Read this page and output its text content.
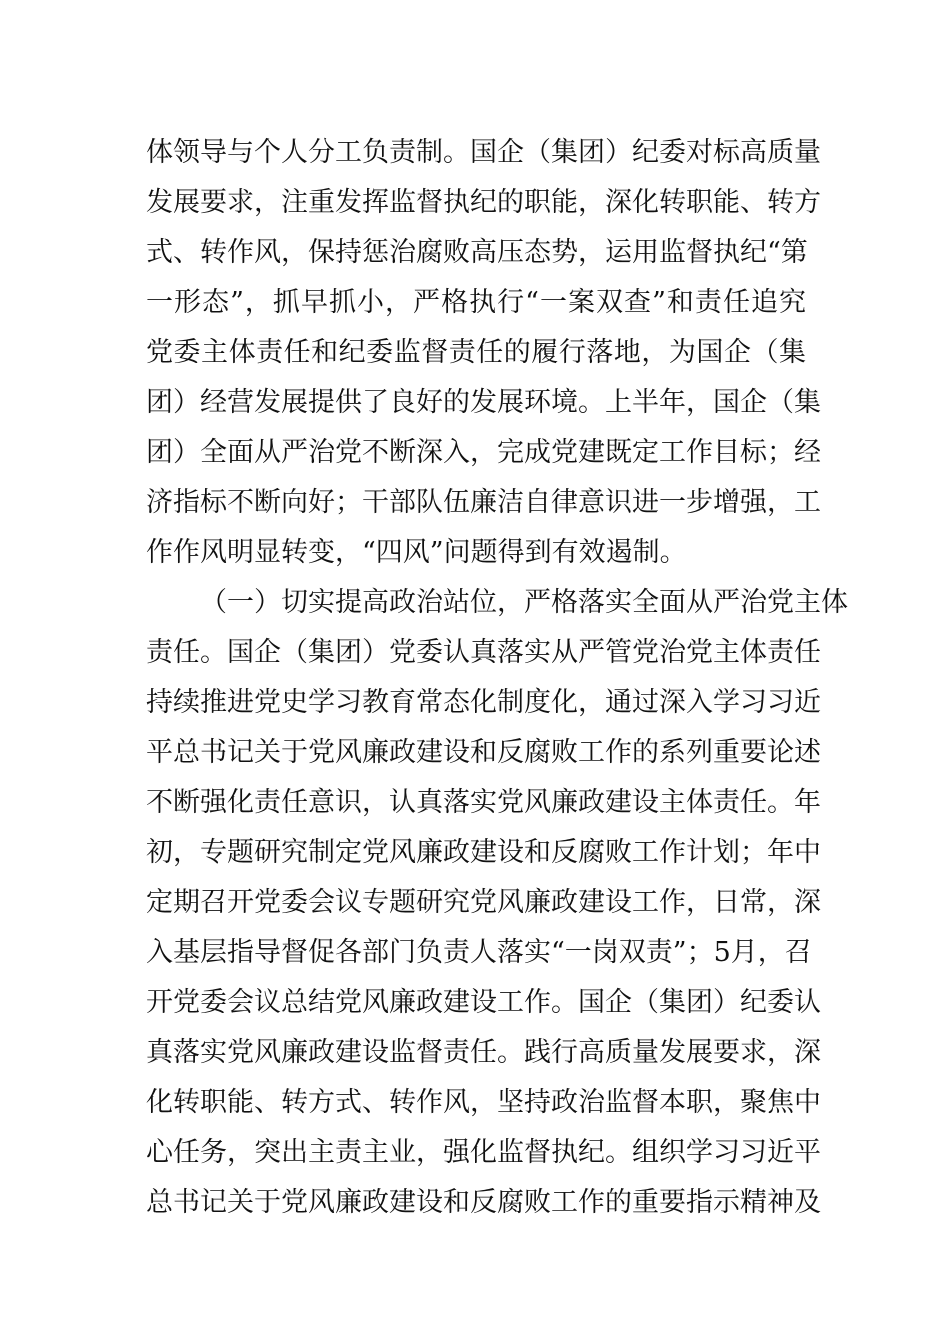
体领导与个人分工负责制。国企（集团）纪委对标高质量
发展要求，注重发挥监督执纪的职能，深化转职能、转方
式、转作风，保持惩治腐败高压态势，运用监督执纪“第
一形态”，抓早抓小，严格执行“一案双查”和责任追究
党委主体责任和纪委监督责任的履行落地，为国企（集
团）经营发展提供了良好的发展环境。上半年，国企（集
团）全面从严治党不断深入，完成党建既定工作目标；经
济指标不断向好；干部队伍廉洁自律意识进一步增强，工
作作风明显转变，“四风”问题得到有效遏制。
（一）切实提高政治站位，严格落实全面从严治党主体
责任。国企（集团）党委认真落实从严管党治党主体责任
持续推进党史学习教育常态化制度化，通过深入学习习近
平总书记关于党风廉政建设和反腐败工作的系列重要论述
不断强化责任意识，认真落实党风廉政建设主体责任。年
初，专题研究制定党风廉政建设和反腐败工作计划；年中
定期召开党委会议专题研究党风廉政建设工作，日常，深
入基层指导督促各部门负责人落实“一岗双责”；5月，召
开党委会议总结党风廉政建设工作。国企（集团）纪委认
真落实党风廉政建设监督责任。践行高质量发展要求，深
化转职能、转方式、转作风，坚持政治监督本职，聚焦中
心任务，突出主责主业，强化监督执纪。组织学习习近平
总书记关于党风廉政建设和反腐败工作的重要指示精神及
